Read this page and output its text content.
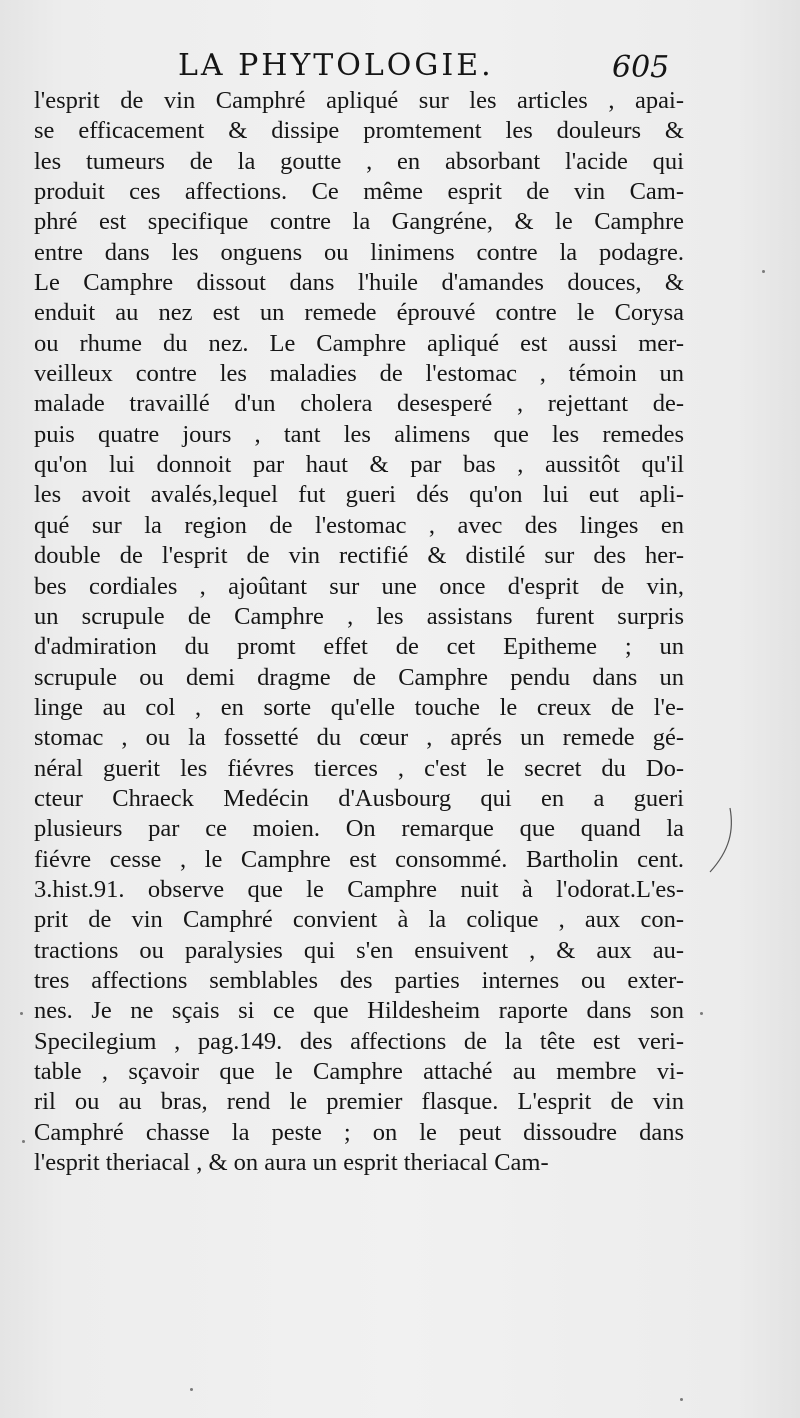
LA PHYTOLOGIE.	605
l'esprit de vin Camphré apliqué sur les articles , apai-
se efficacement & dissipe promtement les douleurs &
les tumeurs de la goutte , en absorbant l'acide qui
produit ces affections. Ce même esprit de vin Cam-
phré est specifique contre la Gangréne, & le Camphre
entre dans les onguens ou linimens contre la podagre.
Le Camphre dissout dans l'huile d'amandes douces, &
enduit au nez est un remede éprouvé contre le Corysa
ou rhume du nez. Le Camphre apliqué est aussi mer-
veilleux contre les maladies de l'estomac , témoin un
malade travaillé d'un cholera desesperé , rejettant de-
puis quatre jours , tant les alimens que les remedes
qu'on lui donnoit par haut & par bas , aussitôt qu'il
les avoit avalés,lequel fut gueri dés qu'on lui eut apli-
qué sur la region de l'estomac , avec des linges en
double de l'esprit de vin rectifié & distilé sur des her-
bes cordiales , ajoûtant sur une once d'esprit de vin,
un scrupule de Camphre , les assistans furent surpris
d'admiration du promt effet de cet Epitheme ; un
scrupule ou demi dragme de Camphre pendu dans un
linge au col , en sorte qu'elle touche le creux de l'e-
stomac , ou la fossetté du cœur , aprés un remede gé-
néral guerit les fiévres tierces , c'est le secret du Do-
cteur Chraeck Medécin d'Ausbourg qui en a gueri
plusieurs par ce moien. On remarque que quand la
fiévre cesse , le Camphre est consommé. Bartholin cent.
3.hist.91. observe que le Camphre nuit à l'odorat.L'es-
prit de vin Camphré convient à la colique , aux con-
tractions ou paralysies qui s'en ensuivent , & aux au-
tres affections semblables des parties internes ou exter-
nes. Je ne sçais si ce que Hildesheim raporte dans son
Specilegium , pag.149. des affections de la tête est veri-
table , sçavoir que le Camphre attaché au membre vi-
ril ou au bras, rend le premier flasque. L'esprit de vin
Camphré chasse la peste ; on le peut dissoudre dans
l'esprit theriacal , & on aura un esprit theriacal Cam-
